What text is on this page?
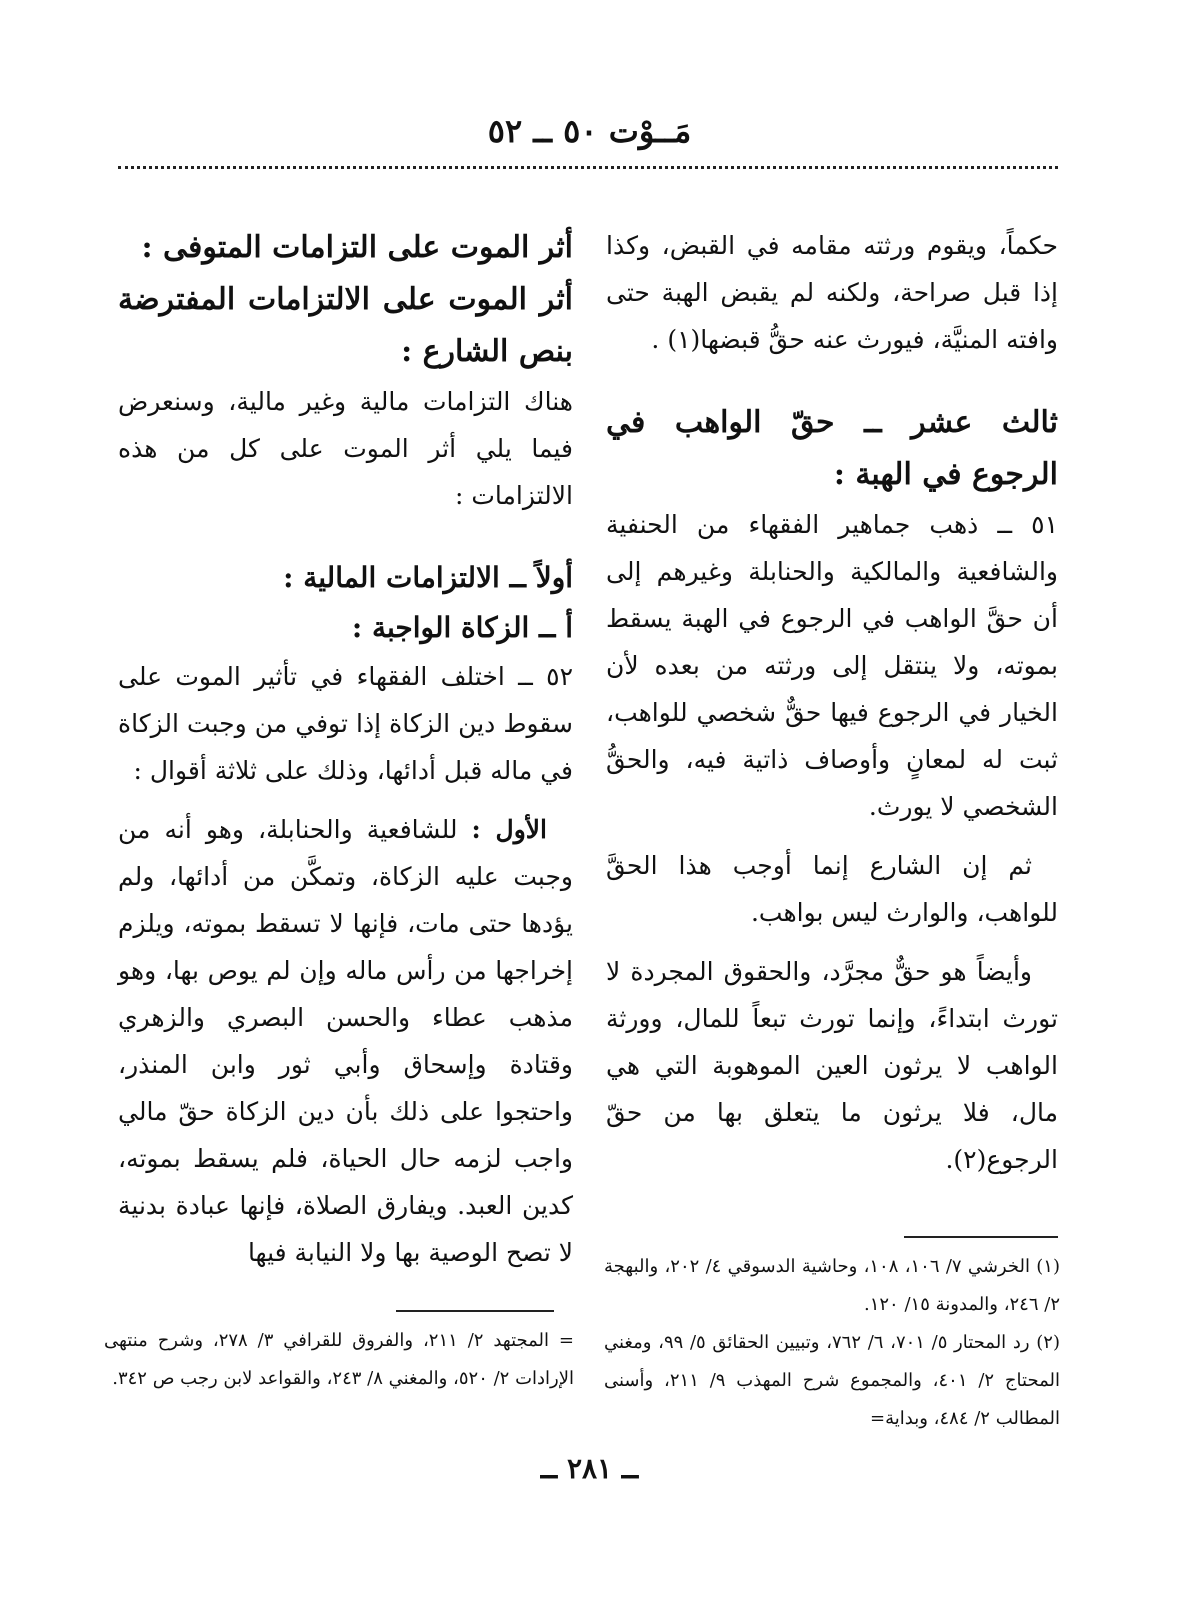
مَــوْت ٥٠ ــ ٥٢

حكماً، ويقوم ورثته مقامه في القبض، وكذا إذا قبل صراحة، ولكنه لم يقبض الهبة حتى وافته المنيَّة، فيورث عنه حقُّ قبضها(١) .

ثالث عشر ــ حقّ الواهب في الرجوع في الهبة :

٥١ ــ ذهب جماهير الفقهاء من الحنفية والشافعية والمالكية والحنابلة وغيرهم إلى أن حقَّ الواهب في الرجوع في الهبة يسقط بموته، ولا ينتقل إلى ورثته من بعده لأن الخيار في الرجوع فيها حقٌّ شخصي للواهب، ثبت له لمعانٍ وأوصاف ذاتية فيه، والحقُّ الشخصي لا يورث.

ثم إن الشارع إنما أوجب هذا الحقَّ للواهب، والوارث ليس بواهب.

وأيضاً هو حقٌّ مجرَّد، والحقوق المجردة لا تورث ابتداءً، وإنما تورث تبعاً للمال، وورثة الواهب لا يرثون العين الموهوبة التي هي مال، فلا يرثون ما يتعلق بها من حقّ الرجوع(٢).

أثر الموت على التزامات المتوفى :
أثر الموت على الالتزامات المفترضة بنص الشارع :

هناك التزامات مالية وغير مالية، وسنعرض فيما يلي أثر الموت على كل من هذه الالتزامات :

أولاً ــ الالتزامات المالية :
أ ــ الزكاة الواجبة :

٥٢ ــ اختلف الفقهاء في تأثير الموت على سقوط دين الزكاة إذا توفي من وجبت الزكاة في ماله قبل أدائها، وذلك على ثلاثة أقوال :

الأول : للشافعية والحنابلة، وهو أنه من وجبت عليه الزكاة، وتمكَّن من أدائها، ولم يؤدها حتى مات، فإنها لا تسقط بموته، ويلزم إخراجها من رأس ماله وإن لم يوص بها، وهو مذهب عطاء والحسن البصري والزهري وقتادة وإسحاق وأبي ثور وابن المنذر، واحتجوا على ذلك بأن دين الزكاة حقّ مالي واجب لزمه حال الحياة، فلم يسقط بموته، كدين العبد. ويفارق الصلاة، فإنها عبادة بدنية لا تصح الوصية بها ولا النيابة فيها (١) الخرشي ٧/ ١٠٦، ١٠٨، وحاشية الدسوقي ٤/ ٢٠٢، والبهجة ٢/ ٢٤٦، والمدونة ١٥/ ١٢٠.

(٢) رد المحتار ٥/ ٧٠١، ٦/ ٧٦٢، وتبيين الحقائق ٥/ ٩٩، ومغني المحتاج ٢/ ٤٠١، والمجموع شرح المهذب ٩/ ٢١١، وأسنى المطالب ٢/ ٤٨٤، وبداية=

= المجتهد ٢/ ٢١١، والفروق للقرافي ٣/ ٢٧٨، وشرح منتهى الإرادات ٢/ ٥٢٠، والمغني ٨/ ٢٤٣، والقواعد لابن رجب ص ٣٤٢.

ــ ٢٨١ ــ
